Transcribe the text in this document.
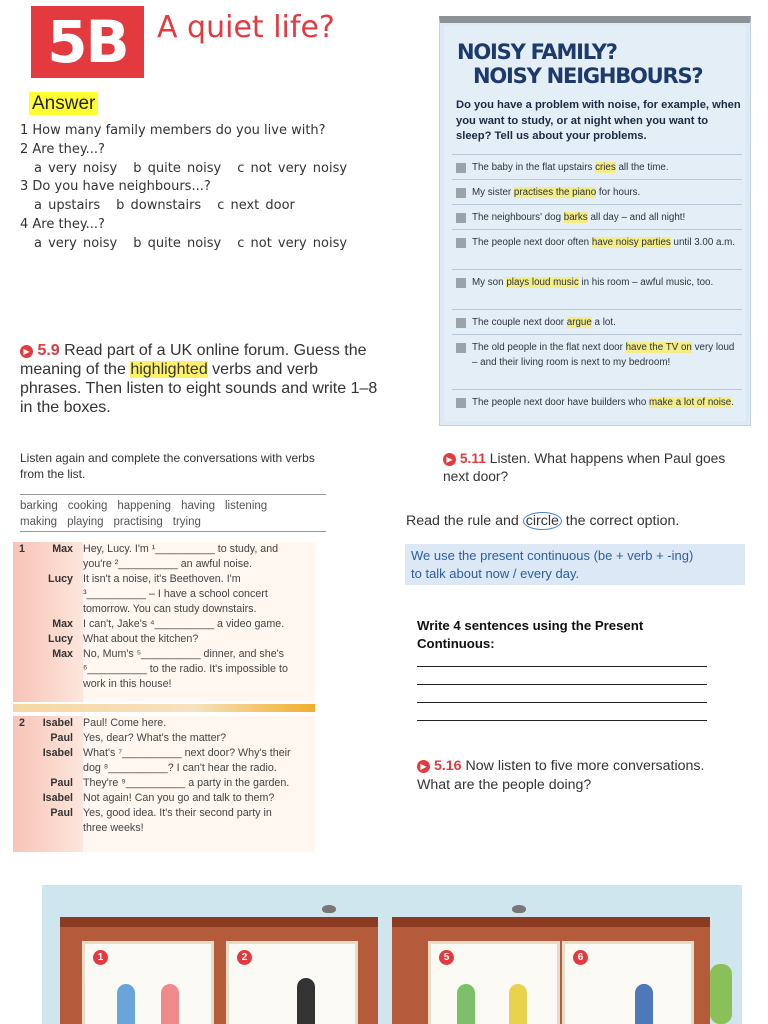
5B A quiet life?
Answer
1 How many family members do you live with?
2 Are they...?
a very noisy b quite noisy c not very noisy
3 Do you have neighbours...?
a upstairs b downstairs c next door
4 Are they...?
a very noisy b quite noisy c not very noisy
▶ 5.9 Read part of a UK online forum. Guess the meaning of the highlighted verbs and verb phrases. Then listen to eight sounds and write 1–8 in the boxes.
NOISY FAMILY?
NOISY NEIGHBOURS?
Do you have a problem with noise, for example, when you want to study, or at night when you want to sleep? Tell us about your problems.
The baby in the flat upstairs cries all the time.
My sister practises the piano for hours.
The neighbours' dog barks all day – and all night!
The people next door often have noisy parties until 3.00 a.m.
My son plays loud music in his room – awful music, too.
The couple next door argue a lot.
The old people in the flat next door have the TV on very loud – and their living room is next to my bedroom!
The people next door have builders who make a lot of noise.
Listen again and complete the conversations with verbs from the list.
barking cooking happening having listening
making playing practising trying
1	Max Hey, Lucy. I'm ¹__________ to study, and
you're ²__________ an awful noise.
Lucy It isn't a noise, it's Beethoven. I'm
³__________ – I have a school concert
tomorrow. You can study downstairs.
Max I can't, Jake's ⁴__________ a video game.
Lucy What about the kitchen?
Max No, Mum's ⁵__________ dinner, and she's
⁶__________ to the radio. It's impossible to
work in this house!
2	Isabel Paul! Come here.
Paul Yes, dear? What's the matter?
Isabel What's ⁷__________ next door? Why's their
dog ⁸__________? I can't hear the radio.
Paul They're ⁹__________ a party in the garden.
Isabel Not again! Can you go and talk to them?
Paul Yes, good idea. It's their second party in
three weeks!
▶ 5.11 Listen. What happens when Paul goes next door?
Read the rule and circle the correct option.
We use the present continuous (be + verb + -ing)
to talk about now / every day.
Write 4 sentences using the Present Continuous:
▶ 5.16 Now listen to five more conversations. What are the people doing?
1	2	5	6
